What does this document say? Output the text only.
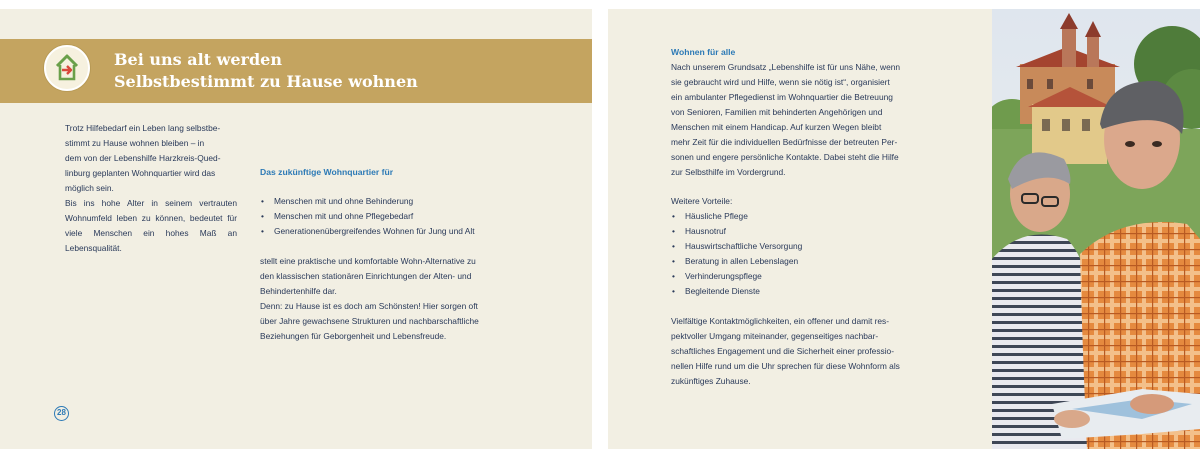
Bei uns alt werden
Selbstbestimmt zu Hause wohnen
Trotz Hilfebedarf ein Leben lang selbstbe-
stimmt zu Hause wohnen bleiben – in
dem von der Lebenshilfe Harzkreis-Qued-
linburg geplanten Wohnquartier wird das
möglich sein.
Bis ins hohe Alter in seinem vertrauten Wohnumfeld leben zu können, bedeutet für viele Menschen ein hohes Maß an Lebensqualität.
Das zukünftige Wohnquartier für
• Menschen mit und ohne Behinderung
• Menschen mit und ohne Pflegebedarf
• Generationenübergreifendes Wohnen für Jung und Alt
stellt eine praktische und komfortable Wohn-Alternative zu
den klassischen stationären Einrichtungen der Alten- und
Behindertenhilfe dar.
Denn: zu Hause ist es doch am Schönsten! Hier sorgen oft
über Jahre gewachsene Strukturen und nachbarschaftliche
Beziehungen für Geborgenheit und Lebensfreude.
28
Wohnen für alle
Nach unserem Grundsatz „Lebenshilfe ist für uns Nähe, wenn
sie gebraucht wird und Hilfe, wenn sie nötig ist“, organisiert
ein ambulanter Pflegedienst im Wohnquartier die Betreuung
von Senioren, Familien mit behinderten Angehörigen und
Menschen mit einem Handicap. Auf kurzen Wegen bleibt
mehr Zeit für die individuellen Bedürfnisse der betreuten Per-
sonen und engere persönliche Kontakte. Dabei steht die Hilfe
zur Selbsthilfe im Vordergrund.
Weitere Vorteile:
• Häusliche Pflege
• Hausnotruf
• Hauswirtschaftliche Versorgung
• Beratung in allen Lebenslagen
• Verhinderungspflege
• Begleitende Dienste
Vielfältige Kontaktmöglichkeiten, ein offener und damit res-
pektvoller Umgang miteinander, gegenseitiges nachbar-
schaftliches Engagement und die Sicherheit einer professio-
nellen Hilfe rund um die Uhr sprechen für diese Wohnform als
zukünftiges Zuhause.
